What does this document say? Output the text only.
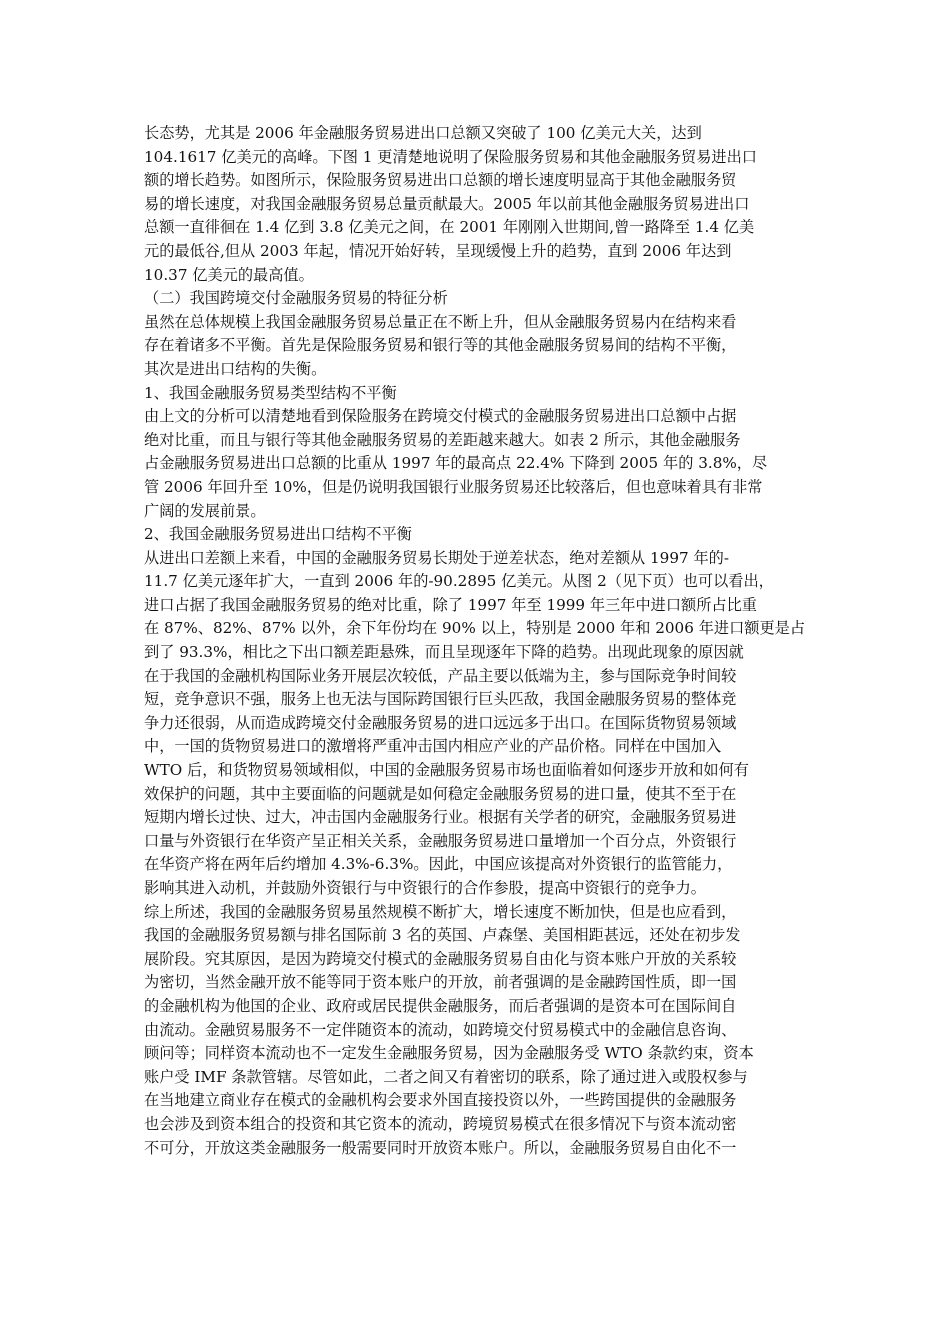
长态势，尤其是 2006 年金融服务贸易进出口总额又突破了 100 亿美元大关，达到
104.1617 亿美元的高峰。下图 1 更清楚地说明了保险服务贸易和其他金融服务贸易进出口
额的增长趋势。如图所示，保险服务贸易进出口总额的增长速度明显高于其他金融服务贸
易的增长速度，对我国金融服务贸易总量贡献最大。2005 年以前其他金融服务贸易进出口
总额一直徘徊在 1.4 亿到 3.8 亿美元之间，在 2001 年刚刚入世期间,曾一路降至 1.4 亿美
元的最低谷,但从 2003 年起，情况开始好转，呈现缓慢上升的趋势，直到 2006 年达到
10.37 亿美元的最高值。
（二）我国跨境交付金融服务贸易的特征分析
虽然在总体规模上我国金融服务贸易总量正在不断上升，但从金融服务贸易内在结构来看
存在着诸多不平衡。首先是保险服务贸易和银行等的其他金融服务贸易间的结构不平衡，
其次是进出口结构的失衡。
1、我国金融服务贸易类型结构不平衡
由上文的分析可以清楚地看到保险服务在跨境交付模式的金融服务贸易进出口总额中占据
绝对比重，而且与银行等其他金融服务贸易的差距越来越大。如表 2 所示，其他金融服务
占金融服务贸易进出口总额的比重从 1997 年的最高点 22.4% 下降到 2005 年的 3.8%，尽
管 2006 年回升至 10%，但是仍说明我国银行业服务贸易还比较落后，但也意味着具有非常
广阔的发展前景。
2、我国金融服务贸易进出口结构不平衡
从进出口差额上来看，中国的金融服务贸易长期处于逆差状态，绝对差额从 1997 年的-
11.7 亿美元逐年扩大，一直到 2006 年的-90.2895 亿美元。从图 2（见下页）也可以看出，
进口占据了我国金融服务贸易的绝对比重，除了 1997 年至 1999 年三年中进口额所占比重
在 87%、82%、87% 以外，余下年份均在 90% 以上，特别是 2000 年和 2006 年进口额更是占
到了 93.3%，相比之下出口额差距悬殊，而且呈现逐年下降的趋势。出现此现象的原因就
在于我国的金融机构国际业务开展层次较低，产品主要以低端为主，参与国际竞争时间较
短，竞争意识不强，服务上也无法与国际跨国银行巨头匹敌，我国金融服务贸易的整体竞
争力还很弱，从而造成跨境交付金融服务贸易的进口远远多于出口。在国际货物贸易领域
中，一国的货物贸易进口的激增将严重冲击国内相应产业的产品价格。同样在中国加入
WTO 后，和货物贸易领域相似，中国的金融服务贸易市场也面临着如何逐步开放和如何有
效保护的问题，其中主要面临的问题就是如何稳定金融服务贸易的进口量，使其不至于在
短期内增长过快、过大，冲击国内金融服务行业。根据有关学者的研究，金融服务贸易进
口量与外资银行在华资产呈正相关关系，金融服务贸易进口量增加一个百分点，外资银行
在华资产将在两年后约增加 4.3%-6.3%。因此，中国应该提高对外资银行的监管能力，
影响其进入动机，并鼓励外资银行与中资银行的合作参股，提高中资银行的竞争力。
综上所述，我国的金融服务贸易虽然规模不断扩大，增长速度不断加快，但是也应看到，
我国的金融服务贸易额与排名国际前 3 名的英国、卢森堡、美国相距甚远，还处在初步发
展阶段。究其原因，是因为跨境交付模式的金融服务贸易自由化与资本账户开放的关系较
为密切，当然金融开放不能等同于资本账户的开放，前者强调的是金融跨国性质，即一国
的金融机构为他国的企业、政府或居民提供金融服务，而后者强调的是资本可在国际间自
由流动。金融贸易服务不一定伴随资本的流动，如跨境交付贸易模式中的金融信息咨询、
顾问等；同样资本流动也不一定发生金融服务贸易，因为金融服务受 WTO 条款约束，资本
账户受 IMF 条款管辖。尽管如此，二者之间又有着密切的联系，除了通过进入或股权参与
在当地建立商业存在模式的金融机构会要求外国直接投资以外，一些跨国提供的金融服务
也会涉及到资本组合的投资和其它资本的流动，跨境贸易模式在很多情况下与资本流动密
不可分，开放这类金融服务一般需要同时开放资本账户。所以，金融服务贸易自由化不一
